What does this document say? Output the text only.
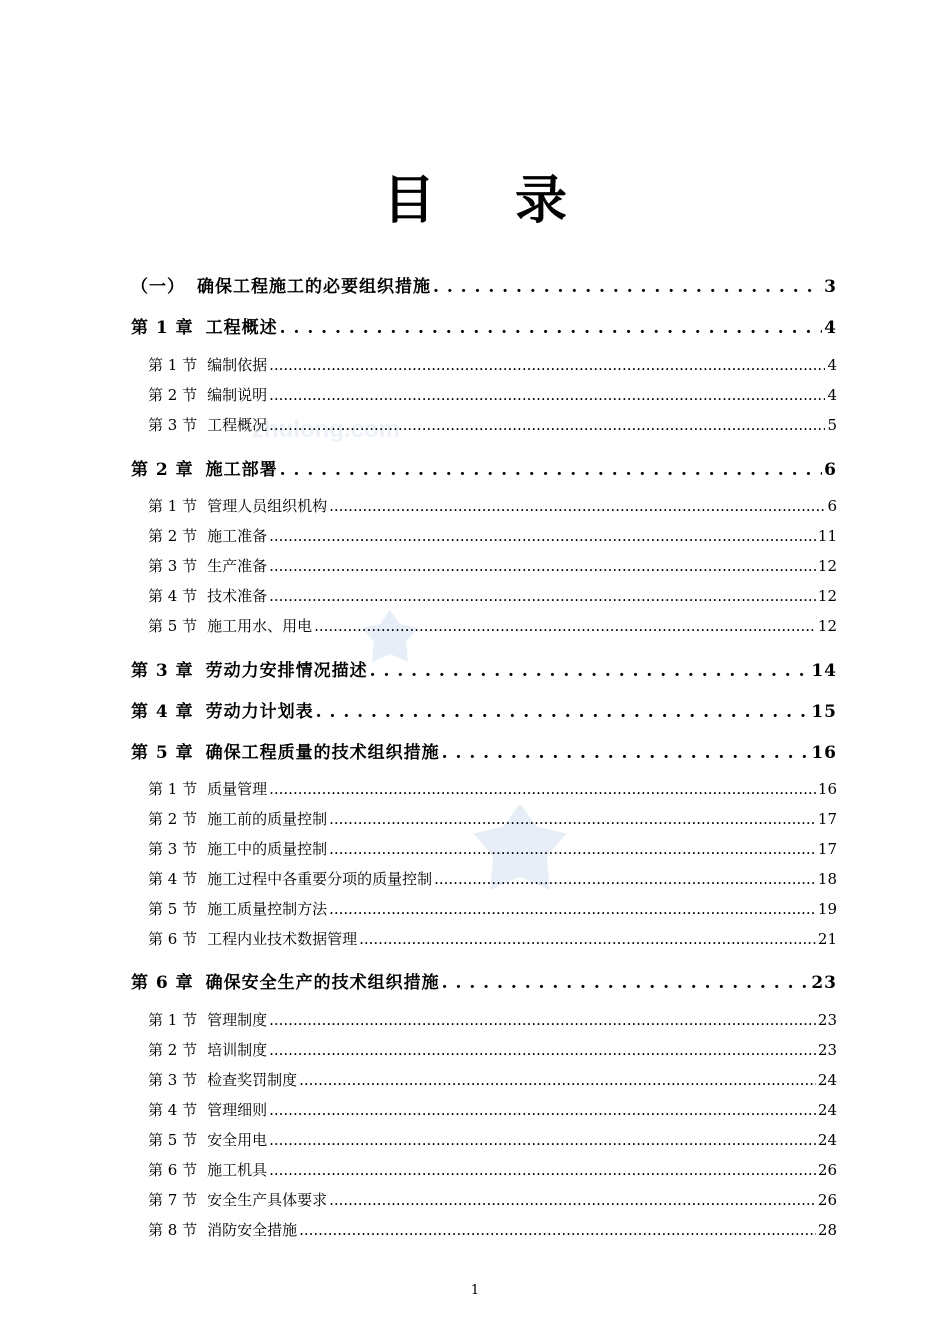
目 录
zhulong.com
（一） 确保工程施工的必要组织措施 . . .	3
第 1 章 工程概述 . . .	4
第 1 节 编制依据 .....	4
第 2 节 编制说明 .....	4
第 3 节 工程概况 .....	5
第 2 章 施工部署 . . .	6
第 1 节 管理人员组织机构 .....	6
第 2 节 施工准备 .....	11
第 3 节 生产准备 .....	12
第 4 节 技术准备 .....	12
第 5 节 施工用水、用电 .....	12
第 3 章 劳动力安排情况描述 . . .	14
第 4 章 劳动力计划表 . . .	15
第 5 章 确保工程质量的技术组织措施 . . .	16
第 1 节 质量管理 .....	16
第 2 节 施工前的质量控制 .....	17
第 3 节 施工中的质量控制 .....	17
第 4 节 施工过程中各重要分项的质量控制 .....	18
第 5 节 施工质量控制方法 .....	19
第 6 节 工程内业技术数据管理 .....	21
第 6 章 确保安全生产的技术组织措施 . . .	23
第 1 节 管理制度 .....	23
第 2 节 培训制度 .....	23
第 3 节 检查奖罚制度 .....	24
第 4 节 管理细则 .....	24
第 5 节 安全用电 .....	24
第 6 节 施工机具 .....	26
第 7 节 安全生产具体要求 .....	26
第 8 节 消防安全措施 .....	28
1
